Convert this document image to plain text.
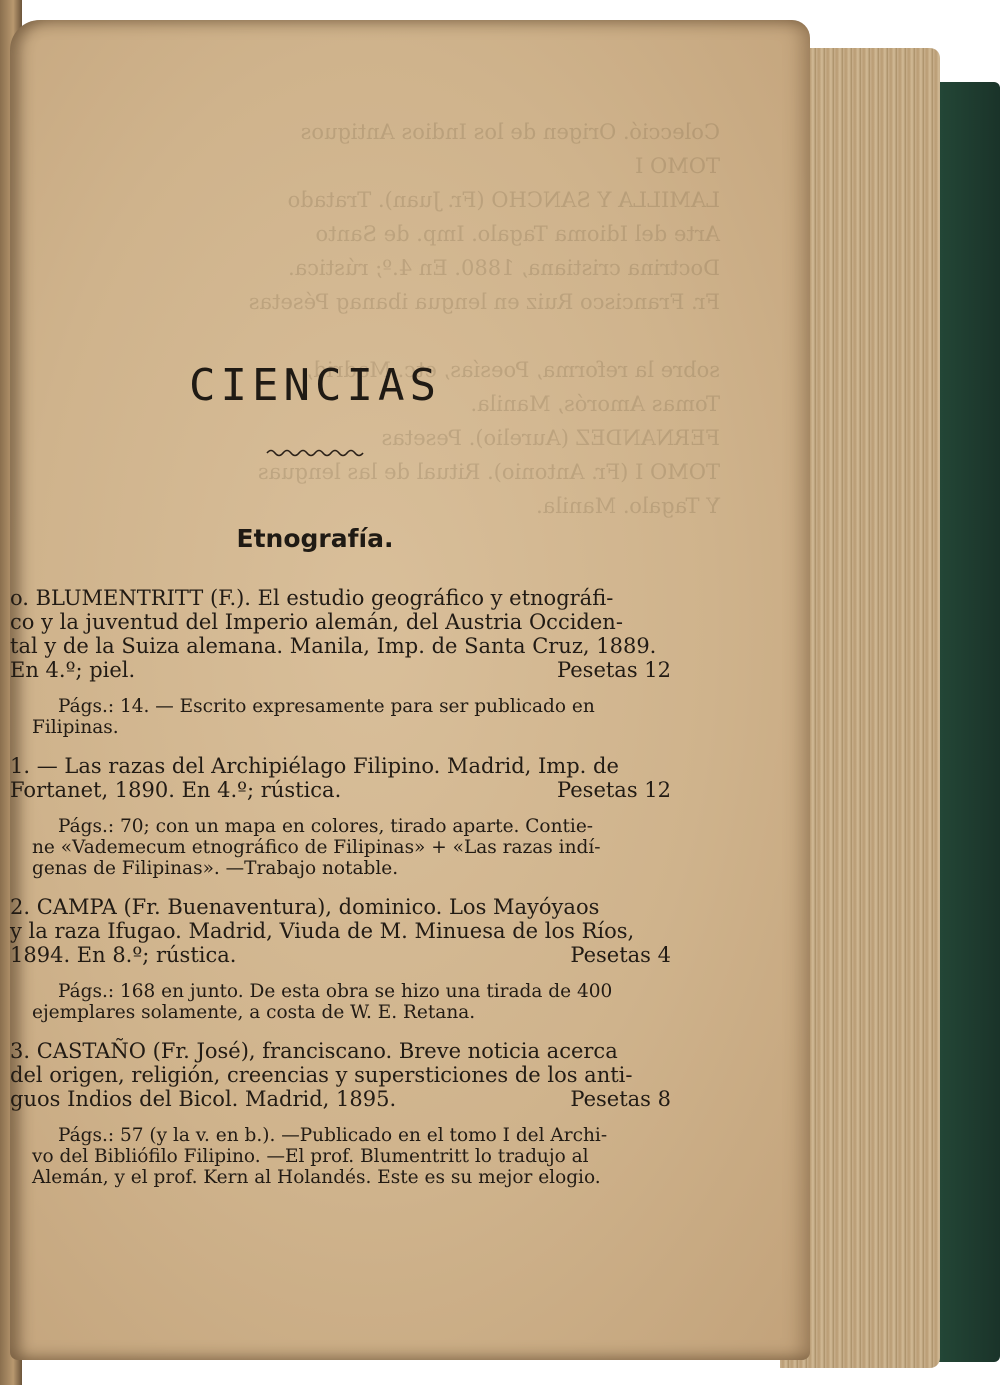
Colecció. Origen de los Indios Antiguos
TOMO I
LAMILLA Y SANCHO (Fr. Juan). Tratado
Arte del Idioma Tagalo. Imp. de Santo
Doctrina cristiana, 1880. En 4.º; rústica.
Fr. Francisco Ruiz en lengua ibanag Pésetas

sobre la reforma, Poesías, etc. Madrid,
Tomas Amorós, Manila.
FERNANDEZ (Aurelio). Pesetas
TOMO I (Fr. Antonio). Ritual de las lenguas
Y Tagalo. Manila.
CIENCIAS
Etnografía.
o. BLUMENTRITT (F.). El estudio geográfico y etnográfi-
co y la juventud del Imperio alemán, del Austria Occiden-
tal y de la Suiza alemana. Manila, Imp. de Santa Cruz, 1889.
En 4.º; piel.	Pesetas 12
Págs.: 14. — Escrito expresamente para ser publicado en
Filipinas.
1. — Las razas del Archipiélago Filipino. Madrid, Imp. de
Fortanet, 1890. En 4.º; rústica.	Pesetas 12
Págs.: 70; con un mapa en colores, tirado aparte. Contie-
ne «Vademecum etnográfico de Filipinas» + «Las razas indí-
genas de Filipinas». —Trabajo notable.
2. CAMPA (Fr. Buenaventura), dominico. Los Mayóyaos
y la raza Ifugao. Madrid, Viuda de M. Minuesa de los Ríos,
1894. En 8.º; rústica.	Pesetas 4
Págs.: 168 en junto. De esta obra se hizo una tirada de 400
ejemplares solamente, a costa de W. E. Retana.
3. CASTAÑO (Fr. José), franciscano. Breve noticia acerca
del origen, religión, creencias y supersticiones de los anti-
guos Indios del Bicol. Madrid, 1895.	Pesetas 8
Págs.: 57 (y la v. en b.). —Publicado en el tomo I del Archi-
vo del Bibliófilo Filipino. —El prof. Blumentritt lo tradujo al
Alemán, y el prof. Kern al Holandés. Este es su mejor elogio.
